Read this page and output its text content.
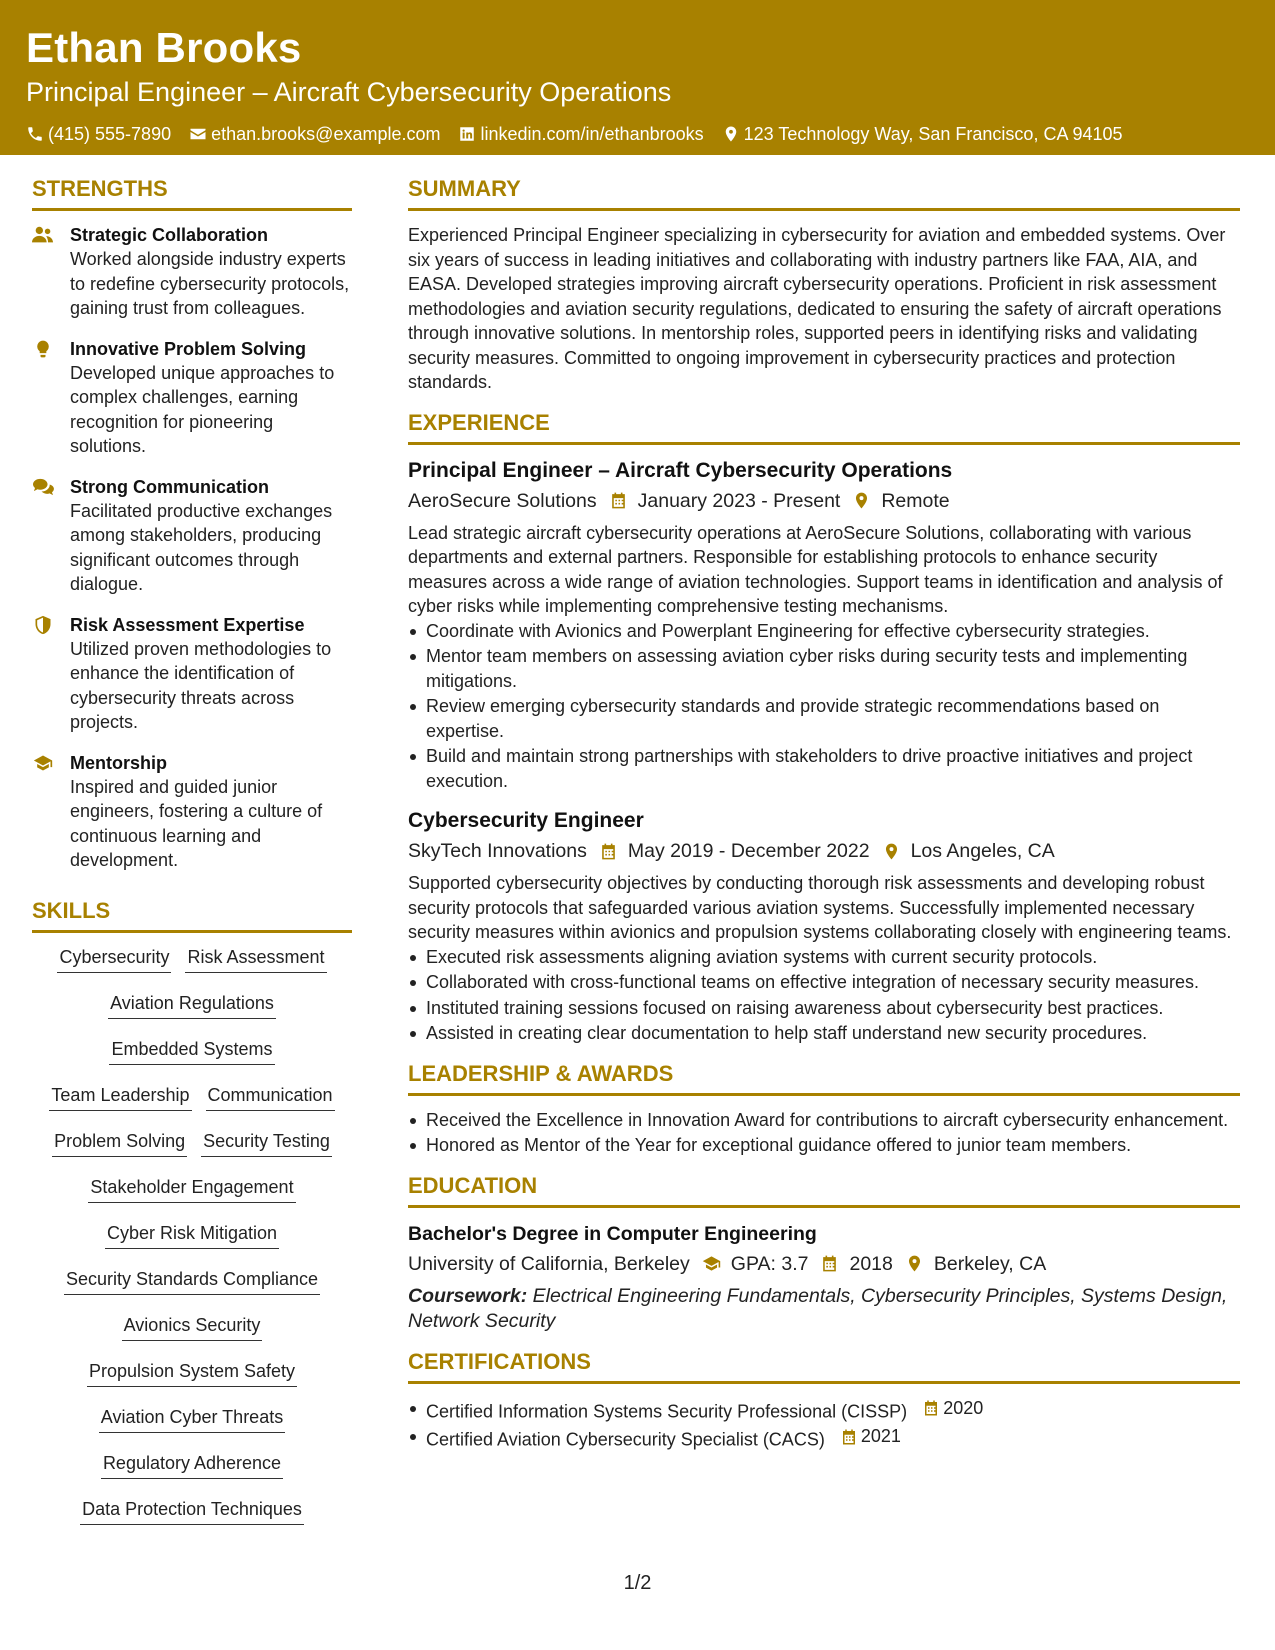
Ethan Brooks
Principal Engineer – Aircraft Cybersecurity Operations
(415) 555-7890 ethan.brooks@example.com linkedin.com/in/ethanbrooks 123 Technology Way, San Francisco, CA 94105
STRENGTHS
Strategic Collaboration
Worked alongside industry experts to redefine cybersecurity protocols, gaining trust from colleagues.
Innovative Problem Solving
Developed unique approaches to complex challenges, earning recognition for pioneering solutions.
Strong Communication
Facilitated productive exchanges among stakeholders, producing significant outcomes through dialogue.
Risk Assessment Expertise
Utilized proven methodologies to enhance the identification of cybersecurity threats across projects.
Mentorship
Inspired and guided junior engineers, fostering a culture of continuous learning and development.
SKILLS
Cybersecurity Risk Assessment
Aviation Regulations
Embedded Systems
Team Leadership Communication
Problem Solving Security Testing
Stakeholder Engagement
Cyber Risk Mitigation
Security Standards Compliance
Avionics Security
Propulsion System Safety
Aviation Cyber Threats
Regulatory Adherence
Data Protection Techniques
SUMMARY
Experienced Principal Engineer specializing in cybersecurity for aviation and embedded systems. Over six years of success in leading initiatives and collaborating with industry partners like FAA, AIA, and EASA. Developed strategies improving aircraft cybersecurity operations. Proficient in risk assessment methodologies and aviation security regulations, dedicated to ensuring the safety of aircraft operations through innovative solutions. In mentorship roles, supported peers in identifying risks and validating security measures. Committed to ongoing improvement in cybersecurity practices and protection standards.
EXPERIENCE
Principal Engineer – Aircraft Cybersecurity Operations
AeroSecure Solutions January 2023 - Present Remote
Lead strategic aircraft cybersecurity operations at AeroSecure Solutions, collaborating with various departments and external partners. Responsible for establishing protocols to enhance security measures across a wide range of aviation technologies. Support teams in identification and analysis of cyber risks while implementing comprehensive testing mechanisms.
Coordinate with Avionics and Powerplant Engineering for effective cybersecurity strategies.
Mentor team members on assessing aviation cyber risks during security tests and implementing mitigations.
Review emerging cybersecurity standards and provide strategic recommendations based on expertise.
Build and maintain strong partnerships with stakeholders to drive proactive initiatives and project execution.
Cybersecurity Engineer
SkyTech Innovations May 2019 - December 2022 Los Angeles, CA
Supported cybersecurity objectives by conducting thorough risk assessments and developing robust security protocols that safeguarded various aviation systems. Successfully implemented necessary security measures within avionics and propulsion systems collaborating closely with engineering teams.
Executed risk assessments aligning aviation systems with current security protocols.
Collaborated with cross-functional teams on effective integration of necessary security measures.
Instituted training sessions focused on raising awareness about cybersecurity best practices.
Assisted in creating clear documentation to help staff understand new security procedures.
LEADERSHIP & AWARDS
Received the Excellence in Innovation Award for contributions to aircraft cybersecurity enhancement.
Honored as Mentor of the Year for exceptional guidance offered to junior team members.
EDUCATION
Bachelor's Degree in Computer Engineering
University of California, Berkeley GPA: 3.7 2018 Berkeley, CA
Coursework: Electrical Engineering Fundamentals, Cybersecurity Principles, Systems Design, Network Security
CERTIFICATIONS
Certified Information Systems Security Professional (CISSP) 2020
Certified Aviation Cybersecurity Specialist (CACS) 2021
1/2
